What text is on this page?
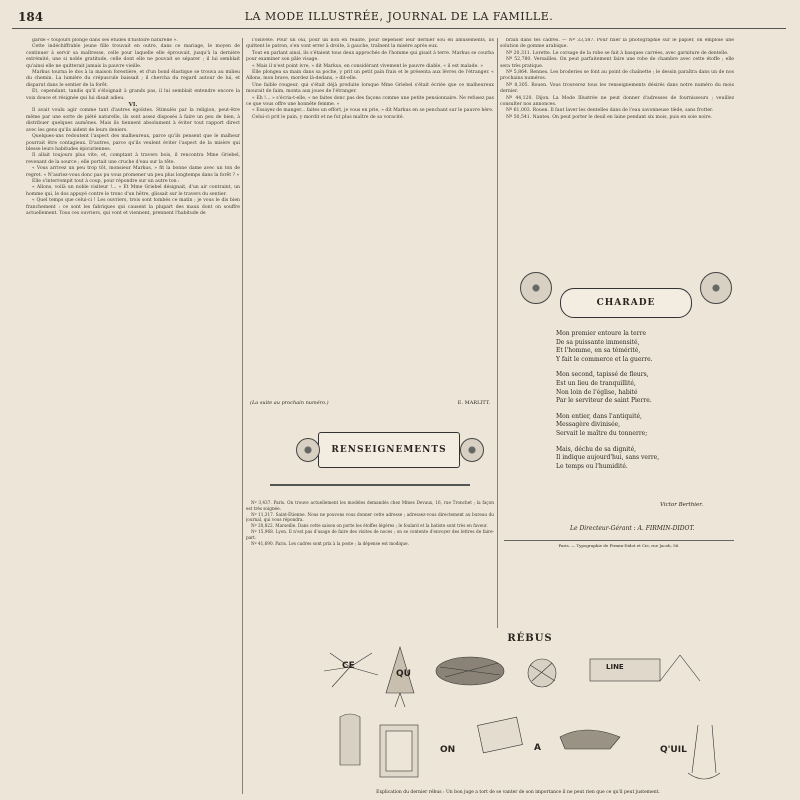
184	LA MODE ILLUSTRÉE, JOURNAL DE LA FAMILLE.

garde « toujours plongé dans ses études d'histoire naturelle ».

Cette indéchiffrable jeune fille trouvait en outre, dans ce mariage, le moyen de continuer à servir sa maîtresse, celle pour laquelle elle éprouvait, jusqu'à la dernière extrémité, une si noble gratitude, celle dont elle ne pouvait se séparer ; il lui semblait qu'ainsi elle ne quitterait jamais la pauvre vieille.

Markus tourna le dos à la maison forestière, et d'un bond élastique se trouva au milieu du chemin. La lumière du crépuscule baissait ; il chercha du regard autour de lui, et disparut dans le sentier de la forêt.

Et, cependant, tandis qu'il s'éloignait à grands pas, il lui semblait entendre encore la voix douce et résignée qui lui disait adieu.

VI.

Il avait voulu agir comme tant d'autres égoïstes. Stimulés par la religion, peut-être même par une sorte de piété naturelle, ils sont assez disposés à faire un peu de bien, à distribuer quelques aumônes. Mais ils tiennent absolument à éviter tout rapport direct avec les gens qu'ils aident de leurs deniers.

Quelques-uns redoutent l'aspect des malheureux, parce qu'ils pensent que le malheur pourrait être contagieux. D'autres, parce qu'ils veulent éviter l'aspect de la misère qui blesse leurs habitudes épicuriennes.

Il allait toujours plus vite, et, comptant à travers bois, il rencontra Mme Griebel, revenant de la source ; elle portait une cruche d'eau sur la tête.

« Vous arrivez un peu trop tôt, monsieur Markus, » fit la bonne dame avec un ton de regret. « N'auriez-vous donc pas pu vous promener un peu plus longtemps dans la forêt ? »

Elle s'interrompit tout à coup, pour répondre sur un autre ton :

« Allons, voilà un noble visiteur !... » Et Mme Griebel désignait, d'un air contraint, un homme qui, le dos appuyé contre le tronc d'un hêtre, glissait sur le travers du sentier.

« Quel temps que celui-ci ! Les ouvriers, trois sont tombés ce matin ; je vous le dis bien franchement : ce sont les fabriques qui causent la plupart des maux dont on souffre actuellement. Tous ces ouvriers, qui vont et viennent, prennent l'habitude de

l'oisiveté. Pour un oui, pour un non en réalité, pour dépenser leur dernier sou en amusements, ils quittent le patron, s'en vont errer à droite, à gauche, traînent la misère après eux.

Tout en parlant ainsi, ils s'étaient tous deux approchés de l'homme qui gisait à terre. Markus se courba pour examiner son pâle visage.

« Mais il n'est point ivre, » dit Markus, en considérant vivement le pauvre diable, « il est malade. »

Elle plongea sa main dans sa poche, y prit un petit pain frais et le présenta aux lèvres de l'étranger. « Allons, mon brave, mordez là-dedans, » dit-elle.

Une faible rougeur, qui s'était déjà produite lorsque Mme Griebel s'était écriée que ce malheureux mourait de faim, monta aux joues de l'étranger.

« Eh !... » s'écria-t-elle, « ne faites donc pas des façons comme une petite pensionnaire. Ne refusez pas ce que vous offre une honnête femme. »

« Essayez de manger... faites un effort, je vous en prie, » dit Markus en se penchant sur le pauvre hère.

Celui-ci prit le pain, y mordit et ne fut plus maître de sa voracité.

(La suite au prochain numéro.)	E. MARLITT.
RENSEIGNEMENTS

Nº 3,437. Paris. On trouve actuellement les modèles demandés chez Mmes Devaux, 16, rue Tronchet ; la façon est très soignée.

Nº 11,317. Saint-Étienne. Nous ne pouvons vous donner cette adresse ; adressez-vous directement au bureau du journal, qui vous répondra.

Nº 20,822. Marseille. Dans cette saison on porte les étoffes légères ; le foulard et la batiste sont très en faveur.

Nº 15,968. Lyon. Il n'est pas d'usage de faire des visites de noces ; on se contente d'envoyer des lettres de faire-part.

Nº 41,690. Paris. Les cadres sont prix à la poste ; la dépense est modique.

brain dans tes cadres. — Nº 33,587. Pour fixer la photographie sur le papier, on emploie une solution de gomme arabique.

Nº 20,311. Lorette. Le corsage de la robe se fait à basques carrées, avec garniture de dentelle.

Nº 52,780. Versailles. On peut parfaitement faire une robe de chambre avec cette étoffe ; elle sera très pratique.

Nº 5,864. Rennes. Les broderies se font au point de chaînette ; le dessin paraîtra dans un de nos prochains numéros.

Nº 8,305. Rouen. Vous trouverez tous les renseignements désirés dans notre numéro du mois dernier.

Nº 44,120. Dijon. La Mode Illustrée ne peut donner d'adresses de fournisseurs ; veuillez consulter nos annonces.

Nº 61,003. Rouen. Il faut laver les dentelles dans de l'eau savonneuse tiède, sans frotter.

Nº 50,541. Nantes. On peut porter le deuil en laine pendant six mois, puis en soie noire.

CHARADE
Mon premier entoure la terre
De sa puissante immensité,
Et l'homme, en sa témérité,
Y fait le commerce et la guerre.
Mon second, tapissé de fleurs,
Est un lieu de tranquillité,
Non loin de l'église, habité
Par le serviteur de saint Pierre.
Mon entier, dans l'antiquité,
Messagère divinisée,
Servait le maître du tonnerre;
Mais, déchu de sa dignité,
Il indique aujourd'hui, sans verre,
Le temps ou l'humidité.
Victor Berthier.
Le Directeur-Gérant : A. FIRMIN-DIDOT.
Paris. — Typographie de Firmin-Didot et Cie, rue Jacob, 56.
RÉBUS
CE
QU
ON	A	Q'UIL
LINE
Explication du dernier rébus : Un bon juge a tort de se vanter de son importance il ne peut rien que ce qu'il peut justement.
